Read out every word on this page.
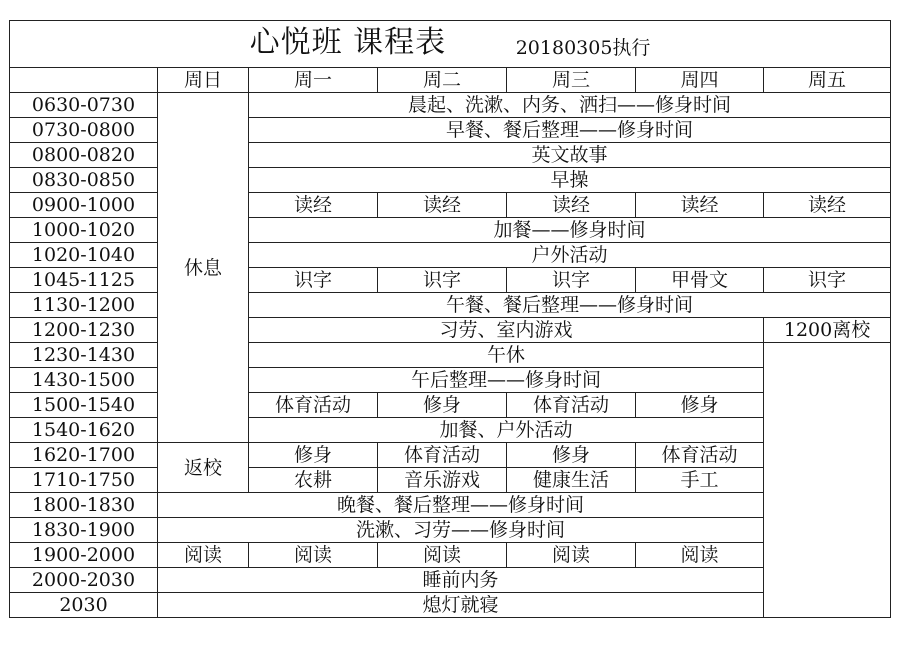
心悦班 课程表 20180305执行						
	周日	周一	周二	周三	周四	周五
0630-0730	休息	晨起、洗漱、内务、洒扫——修身时间				
0730-0800		早餐、餐后整理——修身时间				
0800-0820		英文故事				
0830-0850		早操				
0900-1000		读经	读经	读经	读经	读经
1000-1020		加餐——修身时间				
1020-1040		户外活动				
1045-1125		识字	识字	识字	甲骨文	识字
1130-1200		午餐、餐后整理——修身时间				
1200-1230		习劳、室内游戏				1200离校
1230-1430		午休				
1430-1500		午后整理——修身时间				
1500-1540		体育活动	修身	体育活动	修身	
1540-1620		加餐、户外活动				
1620-1700	返校	修身	体育活动	修身	体育活动	
1710-1750		农耕	音乐游戏	健康生活	手工	
1800-1830	晚餐、餐后整理——修身时间					
1830-1900	洗漱、习劳——修身时间					
1900-2000	阅读	阅读	阅读	阅读	阅读	
2000-2030	睡前内务					
2030	熄灯就寝					
